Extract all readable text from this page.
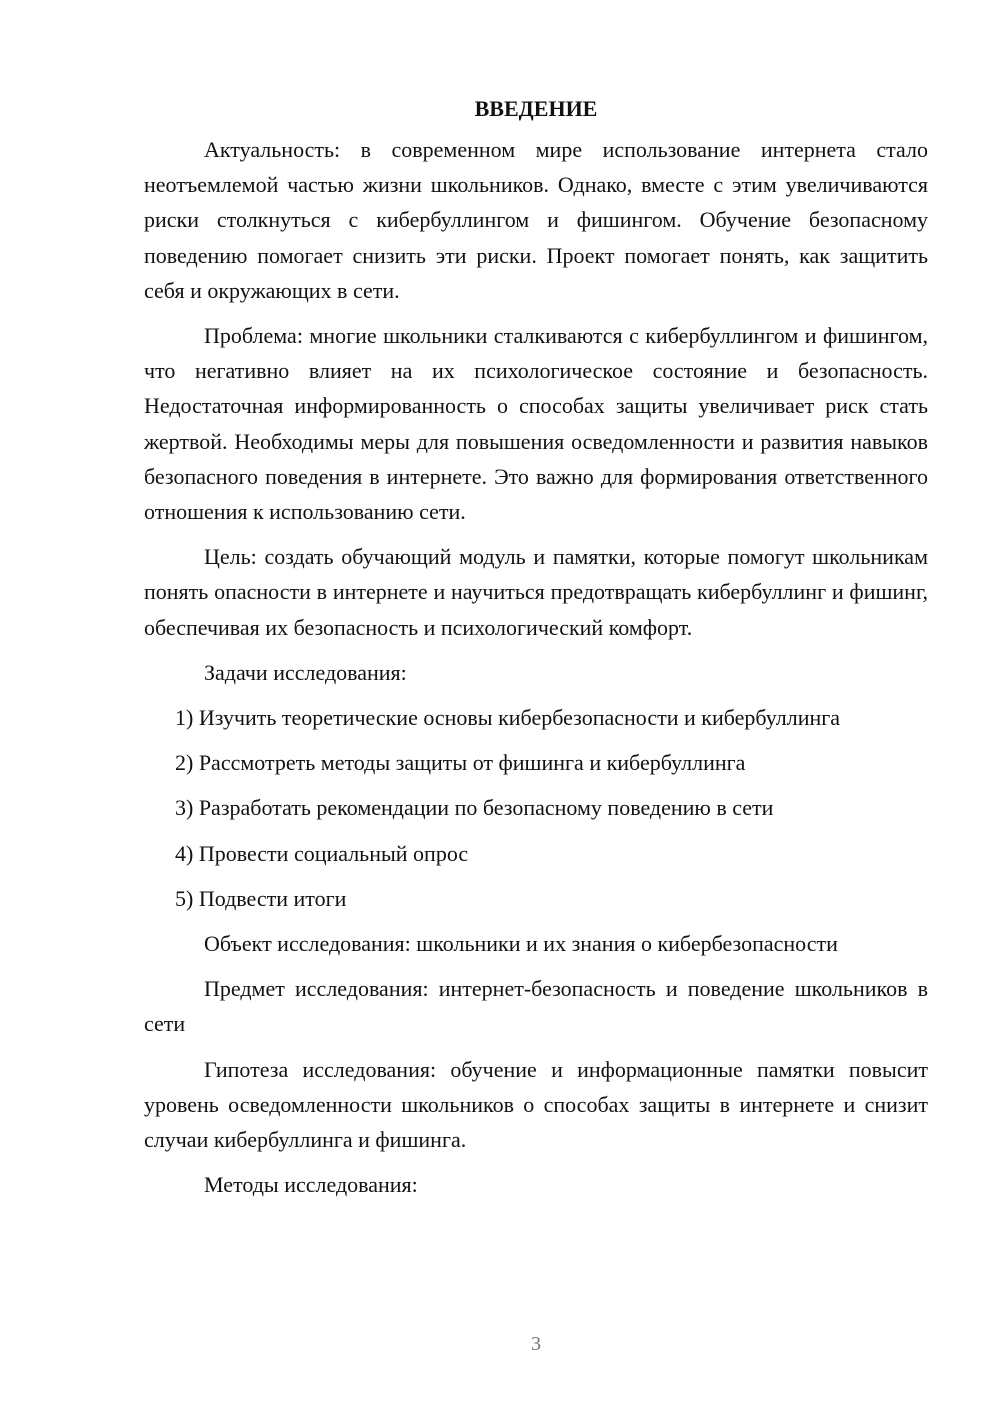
ВВЕДЕНИЕ

Актуальность: в современном мире использование интернета стало неотъемлемой частью жизни школьников. Однако, вместе с этим увеличиваются риски столкнуться с кибербуллингом и фишингом. Обучение безопасному поведению помогает снизить эти риски. Проект помогает понять, как защитить себя и окружающих в сети.

Проблема: многие школьники сталкиваются с кибербуллингом и фишингом, что негативно влияет на их психологическое состояние и безопасность. Недостаточная информированность о способах защиты увеличивает риск стать жертвой. Необходимы меры для повышения осведомленности и развития навыков безопасного поведения в интернете. Это важно для формирования ответственного отношения к использованию сети.

Цель: создать обучающий модуль и памятки, которые помогут школьникам понять опасности в интернете и научиться предотвращать кибербуллинг и фишинг, обеспечивая их безопасность и психологический комфорт.

Задачи исследования:

1) Изучить теоретические основы кибербезопасности и кибербуллинга

2) Рассмотреть методы защиты от фишинга и кибербуллинга

3) Разработать рекомендации по безопасному поведению в сети

4) Провести социальный опрос

5) Подвести итоги

Объект исследования: школьники и их знания о кибербезопасности

Предмет исследования: интернет-безопасность и поведение школьников в сети

Гипотеза исследования: обучение и информационные памятки повысит уровень осведомленности школьников о способах защиты в интернете и снизит случаи кибербуллинга и фишинга.

Методы исследования:

3
